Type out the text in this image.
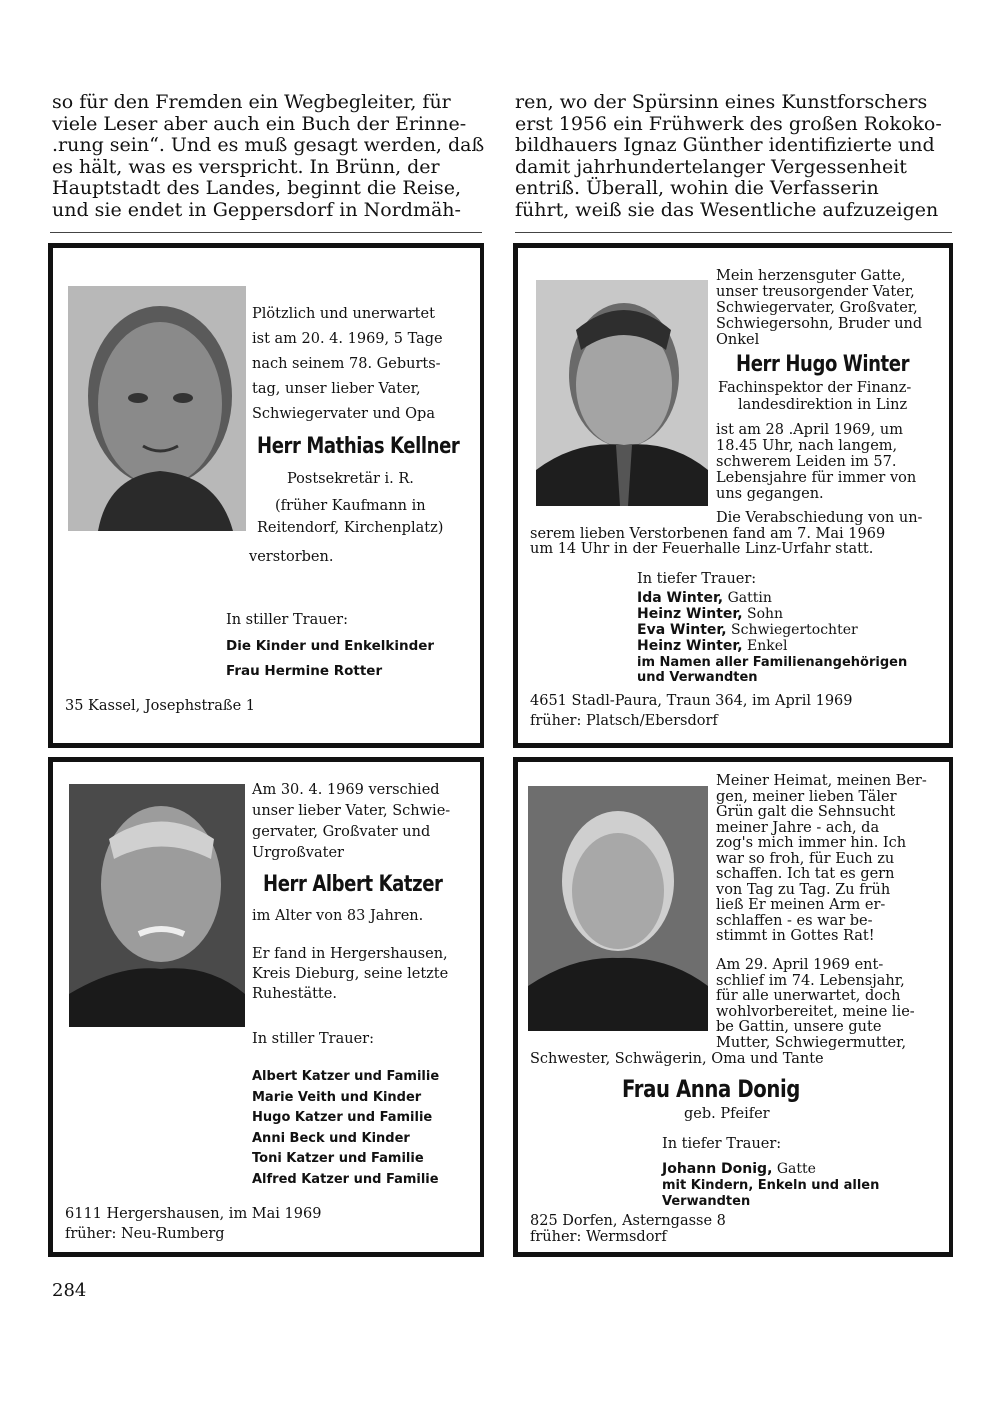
so für den Fremden ein Wegbegleiter, für
viele Leser aber auch ein Buch der Erinne-
.rung sein“. Und es muß gesagt werden, daß
es hält, was es verspricht. In Brünn, der
Hauptstadt des Landes, beginnt die Reise,
und sie endet in Geppersdorf in Nordmäh-
ren, wo der Spürsinn eines Kunstforschers
erst 1956 ein Frühwerk des großen Rokoko-
bildhauers Ignaz Günther identifizierte und
damit jahrhundertelanger Vergessenheit
entriß. Überall, wohin die Verfasserin
führt, weiß sie das Wesentliche aufzuzeigen
Plötzlich und unerwartet
ist am 20. 4. 1969, 5 Tage
nach seinem 78. Geburts-
tag, unser lieber Vater,
Schwiegervater und Opa
Herr Mathias Kellner
Postsekretär i. R.
(früher Kaufmann in
Reitendorf, Kirchenplatz)
verstorben.
In stiller Trauer:
Die Kinder und Enkelkinder
Frau Hermine Rotter
35 Kassel, Josephstraße 1
Mein herzensguter Gatte,
unser treusorgender Vater,
Schwiegervater, Großvater,
Schwiegersohn, Bruder und
Onkel
Herr Hugo Winter
Fachinspektor der Finanz-
landesdirektion in Linz
ist am 28 .April 1969, um
18.45 Uhr, nach langem,
schwerem Leiden im 57.
Lebensjahre für immer von
uns gegangen.
Die Verabschiedung von un-
serem lieben Verstorbenen fand am 7. Mai 1969
um 14 Uhr in der Feuerhalle Linz-Urfahr statt.
In tiefer Trauer:
Ida Winter, Gattin
Heinz Winter, Sohn
Eva Winter, Schwiegertochter
Heinz Winter, Enkel
im Namen aller Familienangehörigen
und Verwandten
4651 Stadl-Paura, Traun 364, im April 1969
früher: Platsch/Ebersdorf
Am 30. 4. 1969 verschied
unser lieber Vater, Schwie-
gervater, Großvater und
Urgroßvater
Herr Albert Katzer
im Alter von 83 Jahren.
Er fand in Hergershausen,
Kreis Dieburg, seine letzte
Ruhestätte.
In stiller Trauer:
Albert Katzer und Familie
Marie Veith und Kinder
Hugo Katzer und Familie
Anni Beck und Kinder
Toni Katzer und Familie
Alfred Katzer und Familie
6111 Hergershausen, im Mai 1969
früher: Neu-Rumberg
Meiner Heimat, meinen Ber-
gen, meiner lieben Täler
Grün galt die Sehnsucht
meiner Jahre - ach, da
zog's mich immer hin. Ich
war so froh, für Euch zu
schaffen. Ich tat es gern
von Tag zu Tag. Zu früh
ließ Er meinen Arm er-
schlaffen - es war be-
stimmt in Gottes Rat!
Am 29. April 1969 ent-
schlief im 74. Lebensjahr,
für alle unerwartet, doch
wohlvorbereitet, meine lie-
be Gattin, unsere gute
Mutter, Schwiegermutter,
Schwester, Schwägerin, Oma und Tante
Frau Anna Donig
geb. Pfeifer
In tiefer Trauer:
Johann Donig, Gatte
mit Kindern, Enkeln und allen
Verwandten
825 Dorfen, Asterngasse 8
früher: Wermsdorf
284
